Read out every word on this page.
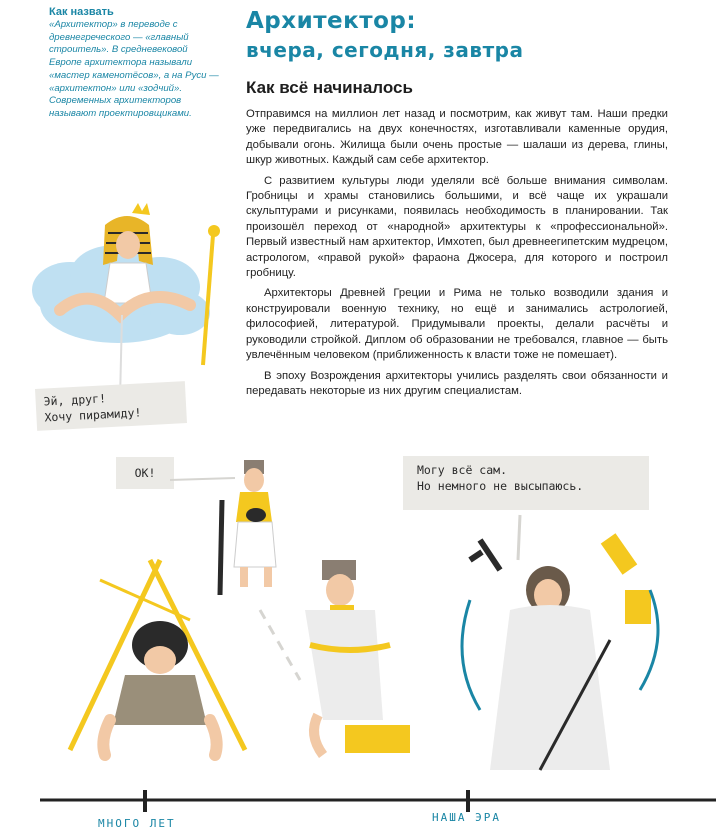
Как назвать
«Архитектор» в переводе с древнегреческого — «главный строитель». В средневековой Европе архитектора называли «мастер каменотёсов», а на Руси — «архитектон» или «зодчий». Современных архитекторов называют проектировщиками.
Архитектор:
вчера, сегодня, завтра
Как всё начиналось

Отправимся на миллион лет назад и посмотрим, как живут там. Наши предки уже передвигались на двух конечностях, изготавливали каменные орудия, добывали огонь. Жилища были очень простые — шалаши из дерева, глины, шкур животных. Каждый сам себе архитектор.

С развитием культуры люди уделяли всё больше внимания символам. Гробницы и храмы становились большими, и всё чаще их украшали скульптурами и рисунками, появилась необходимость в планировании. Так произошёл переход от «народной» архитектуры к «профессиональной». Первый известный нам архитектор, Имхотеп, был древнеегипетским мудрецом, астрологом, «правой рукой» фараона Джосера, для которого и построил гробницу.

Архитекторы Древней Греции и Рима не только возводили здания и конструировали военную технику, но ещё и занимались астрологией, философией, литературой. Придумывали проекты, делали расчёты и руководили стройкой. Диплом об образовании не требовался, главное — быть увлечённым человеком (приближенность к власти тоже не помешает).

В эпоху Возрождения архитекторы учились разделять свои обязанности и передавать некоторые из них другим специалистам.

Эй, друг!
Хочу пирамиду!
ОК!	Могу всё сам.
Но немного не высыпаюсь.
МНОГО ЛЕТ	НАША ЭРА
